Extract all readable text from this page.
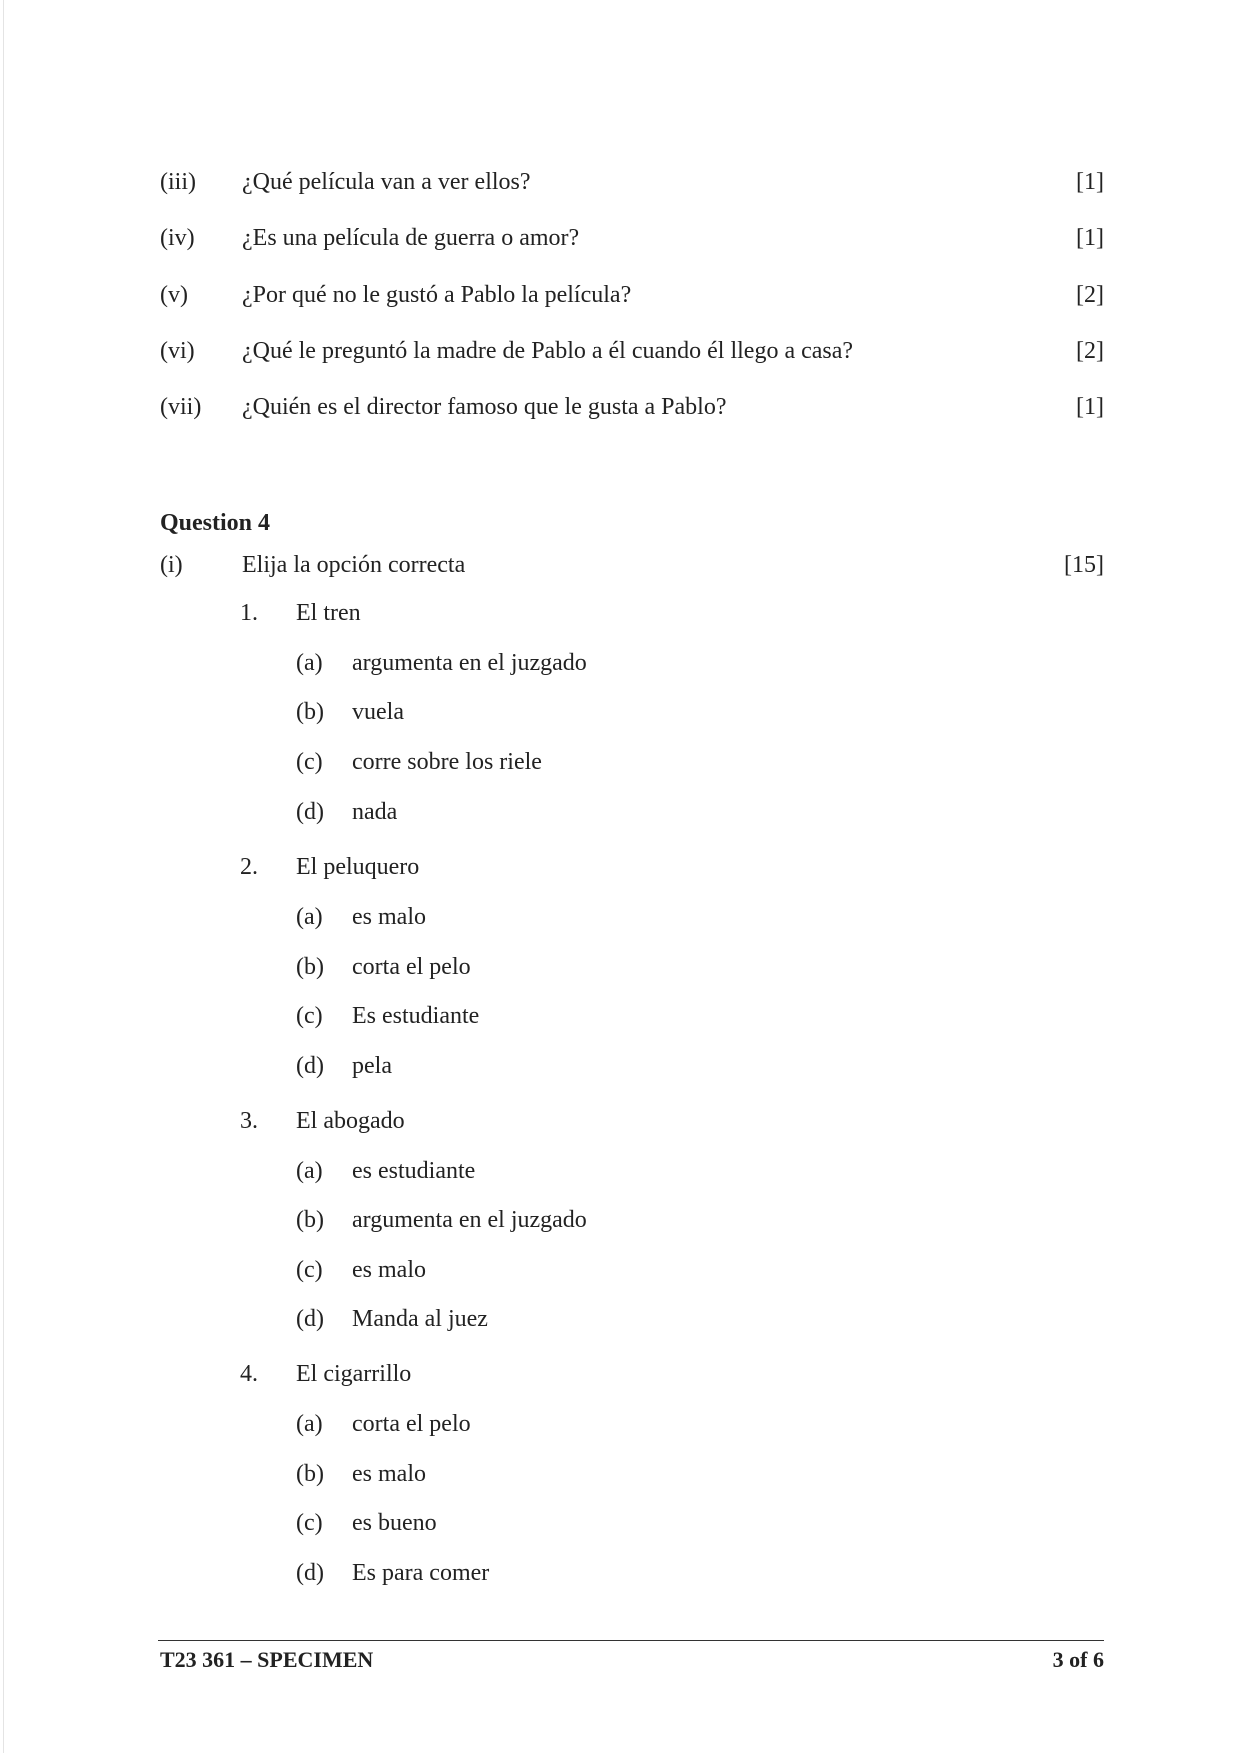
(iii) ¿Qué película van a ver ellos?	[1]
(iv) ¿Es una película de guerra o amor?	[1]
(v) ¿Por qué no le gustó a Pablo la película?	[2]
(vi) ¿Qué le preguntó la madre de Pablo a él cuando él llego a casa?	[2]
(vii) ¿Quién es el director famoso que le gusta a Pablo?	[1]
Question 4
(i) Elija la opción correcta	[15]
1. El tren
(a) argumenta en el juzgado
(b) vuela
(c) corre sobre los riele
(d) nada
2. El peluquero
(a) es malo
(b) corta el pelo
(c) Es estudiante
(d) pela
3. El abogado
(a) es estudiante
(b) argumenta en el juzgado
(c) es malo
(d) Manda al juez
4. El cigarrillo
(a) corta el pelo
(b) es malo
(c) es bueno
(d) Es para comer
T23 361 – SPECIMEN	3 of 6
